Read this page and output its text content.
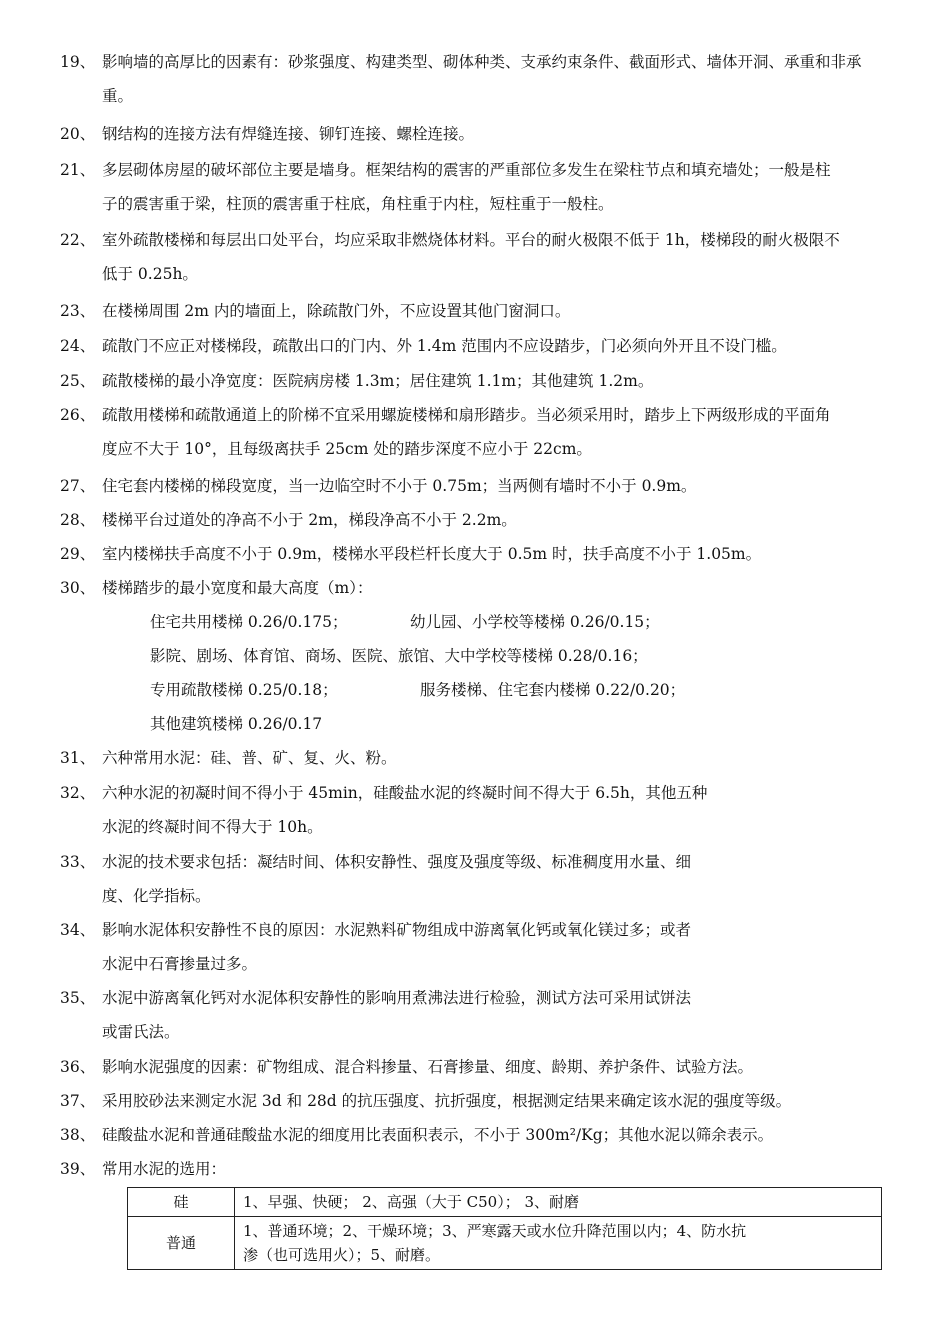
19、 影响墙的高厚比的因素有：砂浆强度、构建类型、砌体种类、支承约束条件、截面形式、墙体开洞、承重和非承
重。
20、 钢结构的连接方法有焊缝连接、铆钉连接、螺栓连接。
21、 多层砌体房屋的破坏部位主要是墙身。框架结构的震害的严重部位多发生在梁柱节点和填充墙处；一般是柱
子的震害重于梁，柱顶的震害重于柱底，角柱重于内柱，短柱重于一般柱。
22、 室外疏散楼梯和每层出口处平台，均应采取非燃烧体材料。平台的耐火极限不低于 1h，楼梯段的耐火极限不
低于 0.25h。
23、 在楼梯周围 2m 内的墙面上，除疏散门外，不应设置其他门窗洞口。
24、 疏散门不应正对楼梯段，疏散出口的门内、外 1.4m 范围内不应设踏步，门必须向外开且不设门槛。
25、 疏散楼梯的最小净宽度：医院病房楼 1.3m；居住建筑 1.1m；其他建筑 1.2m。
26、 疏散用楼梯和疏散通道上的阶梯不宜采用螺旋楼梯和扇形踏步。当必须采用时，踏步上下两级形成的平面角
度应不大于 10°，且每级离扶手 25cm 处的踏步深度不应小于 22cm。
27、 住宅套内楼梯的梯段宽度，当一边临空时不小于 0.75m；当两侧有墙时不小于 0.9m。
28、 楼梯平台过道处的净高不小于 2m，梯段净高不小于 2.2m。
29、 室内楼梯扶手高度不小于 0.9m，楼梯水平段栏杆长度大于 0.5m 时，扶手高度不小于 1.05m。
30、 楼梯踏步的最小宽度和最大高度（m）：
住宅共用楼梯 0.26/0.175；	幼儿园、小学校等楼梯 0.26/0.15；
影院、剧场、体育馆、商场、医院、旅馆、大中学校等楼梯 0.28/0.16；
专用疏散楼梯 0.25/0.18；	服务楼梯、住宅套内楼梯 0.22/0.20；
其他建筑楼梯 0.26/0.17
31、 六种常用水泥：硅、普、矿、复、火、粉。
32、 六种水泥的初凝时间不得小于 45min，硅酸盐水泥的终凝时间不得大于 6.5h，其他五种
水泥的终凝时间不得大于 10h。
33、 水泥的技术要求包括：凝结时间、体积安静性、强度及强度等级、标准稠度用水量、细
度、化学指标。
34、 影响水泥体积安静性不良的原因：水泥熟料矿物组成中游离氧化钙或氧化镁过多；或者
水泥中石膏掺量过多。
35、 水泥中游离氧化钙对水泥体积安静性的影响用煮沸法进行检验，测试方法可采用试饼法
或雷氏法。
36、 影响水泥强度的因素：矿物组成、混合料掺量、石膏掺量、细度、龄期、养护条件、试验方法。
37、 采用胶砂法来测定水泥 3d 和 28d 的抗压强度、抗折强度，根据测定结果来确定该水泥的强度等级。
38、 硅酸盐水泥和普通硅酸盐水泥的细度用比表面积表示，不小于 300m²/Kg；其他水泥以筛余表示。
39、 常用水泥的选用：
硅	1、早强、快硬； 2、高强（大于 C50）； 3、耐磨
普通	1、普通环境；2、干燥环境；3、严寒露天或水位升降范围以内；4、防水抗
渗（也可选用火）；5、耐磨。
